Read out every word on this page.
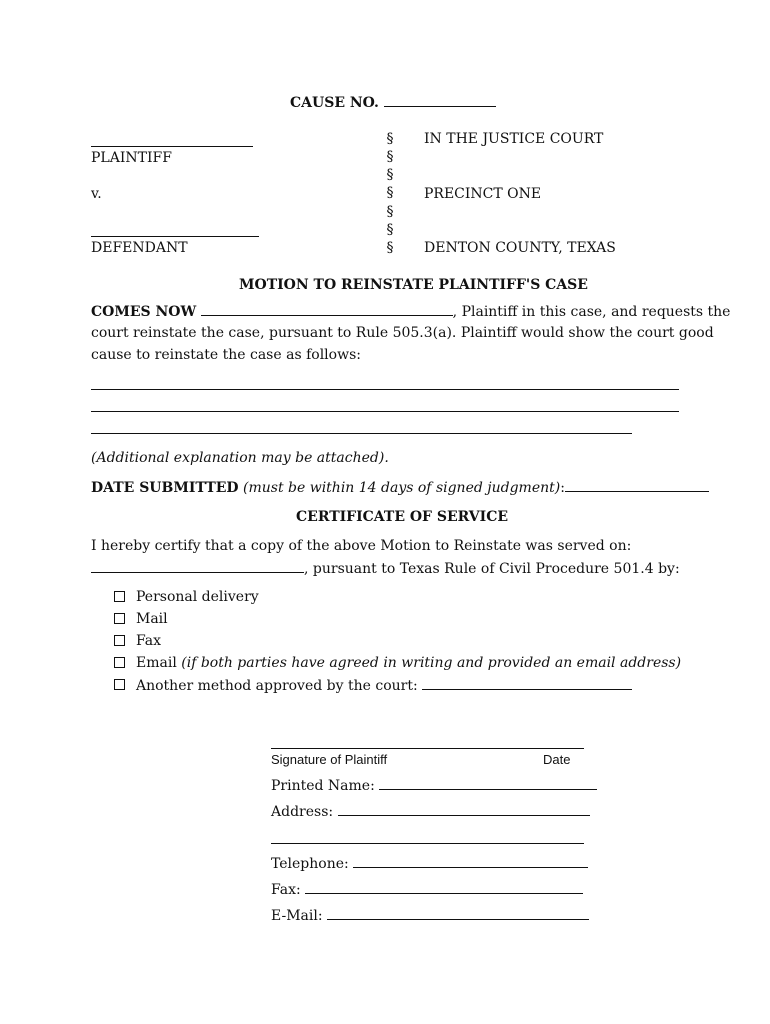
CAUSE NO.
PLAINTIFF
v.
DEFENDANT
§
§
§
§
§
§
§
IN THE JUSTICE COURT
PRECINCT ONE
DENTON COUNTY, TEXAS
MOTION TO REINSTATE PLAINTIFF'S CASE
COMES NOW	, Plaintiff in this case, and requests the
court reinstate the case, pursuant to Rule 505.3(a). Plaintiff would show the court good
cause to reinstate the case as follows:
(Additional explanation may be attached).
DATE SUBMITTED (must be within 14 days of signed judgment):
CERTIFICATE OF SERVICE
I hereby certify that a copy of the above Motion to Reinstate was served on:
, pursuant to Texas Rule of Civil Procedure 501.4 by:
Personal delivery
Mail
Fax
Email (if both parties have agreed in writing and provided an email address)
Another method approved by the court:
Signature of Plaintiff	Date
Printed Name:
Address:
Telephone:
Fax:
E-Mail:
